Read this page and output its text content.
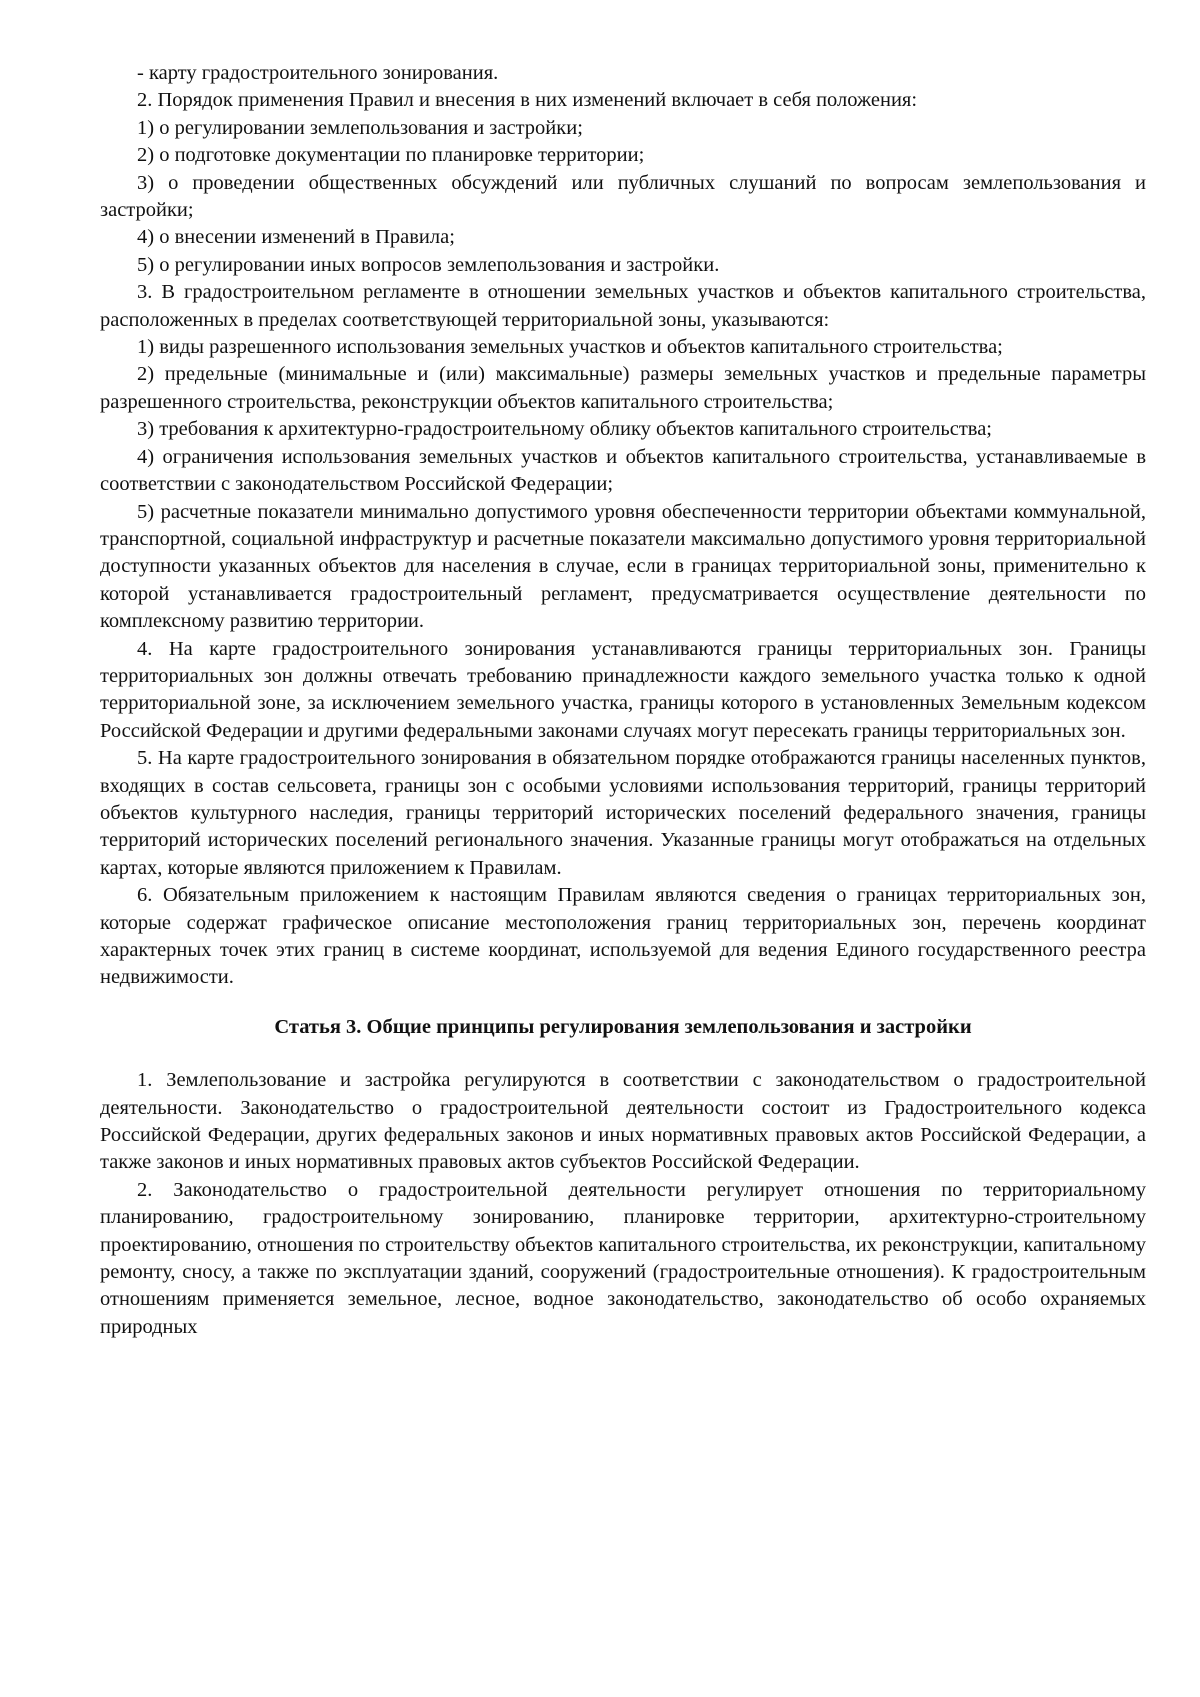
- карту градостроительного зонирования.

2. Порядок применения Правил и внесения в них изменений включает в себя положения:

1) о регулировании землепользования и застройки;

2) о подготовке документации по планировке территории;

3) о проведении общественных обсуждений или публичных слушаний по вопросам землепользования и застройки;

4) о внесении изменений в Правила;

5) о регулировании иных вопросов землепользования и застройки.

3. В градостроительном регламенте в отношении земельных участков и объектов капитального строительства, расположенных в пределах соответствующей территориальной зоны, указываются:

1) виды разрешенного использования земельных участков и объектов капитального строительства;

2) предельные (минимальные и (или) максимальные) размеры земельных участков и предельные параметры разрешенного строительства, реконструкции объектов капитального строительства;

3) требования к архитектурно-градостроительному облику объектов капитального строительства;

4) ограничения использования земельных участков и объектов капитального строительства, устанавливаемые в соответствии с законодательством Российской Федерации;

5) расчетные показатели минимально допустимого уровня обеспеченности территории объектами коммунальной, транспортной, социальной инфраструктур и расчетные показатели максимально допустимого уровня территориальной доступности указанных объектов для населения в случае, если в границах территориальной зоны, применительно к которой устанавливается градостроительный регламент, предусматривается осуществление деятельности по комплексному развитию территории.

4. На карте градостроительного зонирования устанавливаются границы территориальных зон. Границы территориальных зон должны отвечать требованию принадлежности каждого земельного участка только к одной территориальной зоне, за исключением земельного участка, границы которого в установленных Земельным кодексом Российской Федерации и другими федеральными законами случаях могут пересекать границы территориальных зон.

5. На карте градостроительного зонирования в обязательном порядке отображаются границы населенных пунктов, входящих в состав сельсовета, границы зон с особыми условиями использования территорий, границы территорий объектов культурного наследия, границы территорий исторических поселений федерального значения, границы территорий исторических поселений регионального значения. Указанные границы могут отображаться на отдельных картах, которые являются приложением к Правилам.

6. Обязательным приложением к настоящим Правилам являются сведения о границах территориальных зон, которые содержат графическое описание местоположения границ территориальных зон, перечень координат характерных точек этих границ в системе координат, используемой для ведения Единого государственного реестра недвижимости.

Статья 3. Общие принципы регулирования землепользования и застройки

1. Землепользование и застройка регулируются в соответствии с законодательством о градостроительной деятельности. Законодательство о градостроительной деятельности состоит из Градостроительного кодекса Российской Федерации, других федеральных законов и иных нормативных правовых актов Российской Федерации, а также законов и иных нормативных правовых актов субъектов Российской Федерации.

2. Законодательство о градостроительной деятельности регулирует отношения по территориальному планированию, градостроительному зонированию, планировке территории, архитектурно-строительному проектированию, отношения по строительству объектов капитального строительства, их реконструкции, капитальному ремонту, сносу, а также по эксплуатации зданий, сооружений (градостроительные отношения). К градостроительным отношениям применяется земельное, лесное, водное законодательство, законодательство об особо охраняемых природных
